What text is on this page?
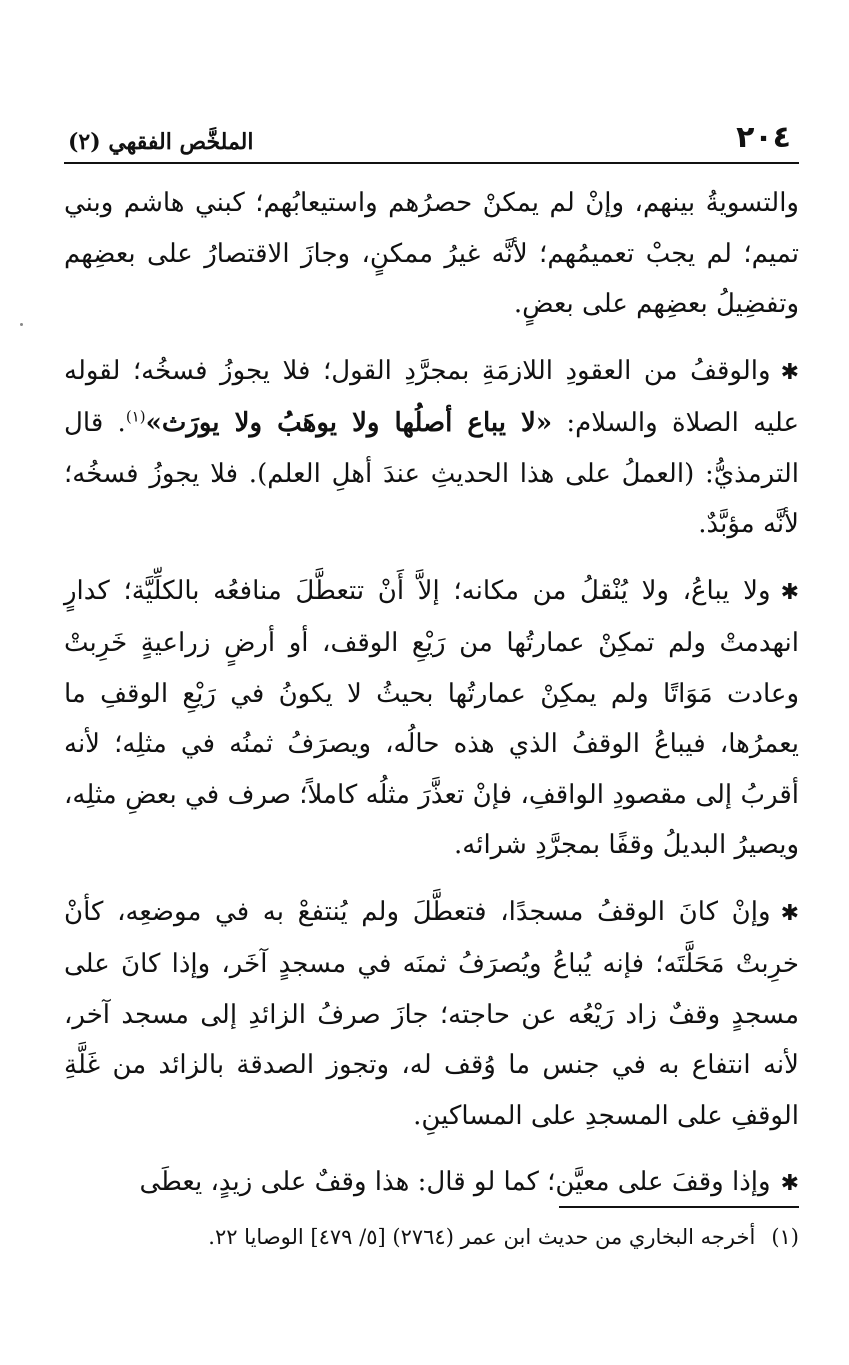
٢٠٤
الملخَّص الفقهي (٢)

والتسويةُ بينهم، وإنْ لم يمكنْ حصرُهم واستيعابُهم؛ كبني هاشم وبني تميم؛ لم يجبْ تعميمُهم؛ لأنَّه غيرُ ممكنٍ، وجازَ الاقتصارُ على بعضِهم وتفضِيلُ بعضِهم على بعضٍ.

✱والوقفُ من العقودِ اللازمَةِ بمجرَّدِ القول؛ فلا يجوزُ فسخُه؛ لقوله عليه الصلاة والسلام: «لا يباع أصلُها ولا يوهَبُ ولا يورَث»$^{(١)}$. قال الترمذيُّ: (العملُ على هذا الحديثِ عندَ أهلِ العلم). فلا يجوزُ فسخُه؛ لأنَّه مؤبَّدٌ.

✱ولا يباعُ، ولا يُنْقلُ من مكانه؛ إلاَّ أَنْ تتعطَّلَ منافعُه بالكلِّيَّة؛ كدارٍ انهدمتْ ولم تمكِنْ عمارتُها من رَيْعِ الوقف، أو أرضٍ زراعيةٍ خَرِبتْ وعادت مَوَاتًا ولم يمكِنْ عمارتُها بحيثُ لا يكونُ في رَيْعِ الوقفِ ما يعمرُها، فيباعُ الوقفُ الذي هذه حالُه، ويصرَفُ ثمنُه في مثلِه؛ لأنه أقربُ إلى مقصودِ الواقفِ، فإنْ تعذَّرَ مثلُه كاملاً؛ صرف في بعضِ مثلِه، ويصيرُ البديلُ وقفًا بمجرَّدِ شرائه.

✱وإنْ كانَ الوقفُ مسجدًا، فتعطَّلَ ولم يُنتفعْ به في موضعِه، كأنْ خرِبتْ مَحَلَّتَه؛ فإنه يُباعُ ويُصرَفُ ثمنَه في مسجدٍ آخَر، وإذا كانَ على مسجدٍ وقفٌ زاد رَيْعُه عن حاجته؛ جازَ صرفُ الزائدِ إلى مسجد آخر، لأنه انتفاع به في جنس ما وُقف له، وتجوز الصدقة بالزائد من غَلَّةِ الوقفِ على المسجدِ على المساكينِ.

✱وإذا وقفَ على معيَّن؛ كما لو قال: هذا وقفٌ على زيدٍ، يعطَى

(١)أخرجه البخاري من حديث ابن عمر (٢٧٦٤) [٥/ ٤٧٩] الوصايا ٢٢.
